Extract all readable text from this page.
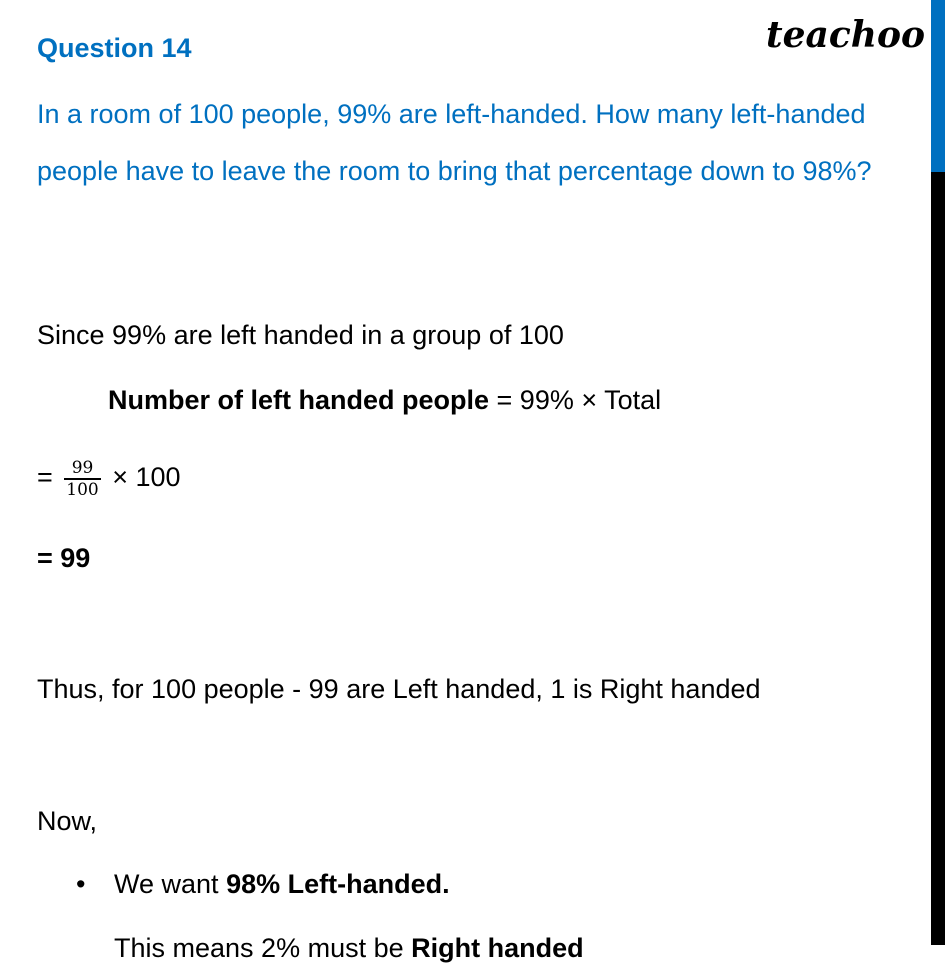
teachoo
Question 14
In a room of 100 people, 99% are left-handed. How many left-handed people have to leave the room to bring that percentage down to 98%?
Since 99% are left handed in a group of 100
Number of left handed people = 99% × Total
= $\frac{99}{100} \times 100$
= 99
Thus, for 100 people - 99 are Left handed, 1 is Right handed
Now,
• We want 98% Left-handed.
This means 2% must be Right handed
